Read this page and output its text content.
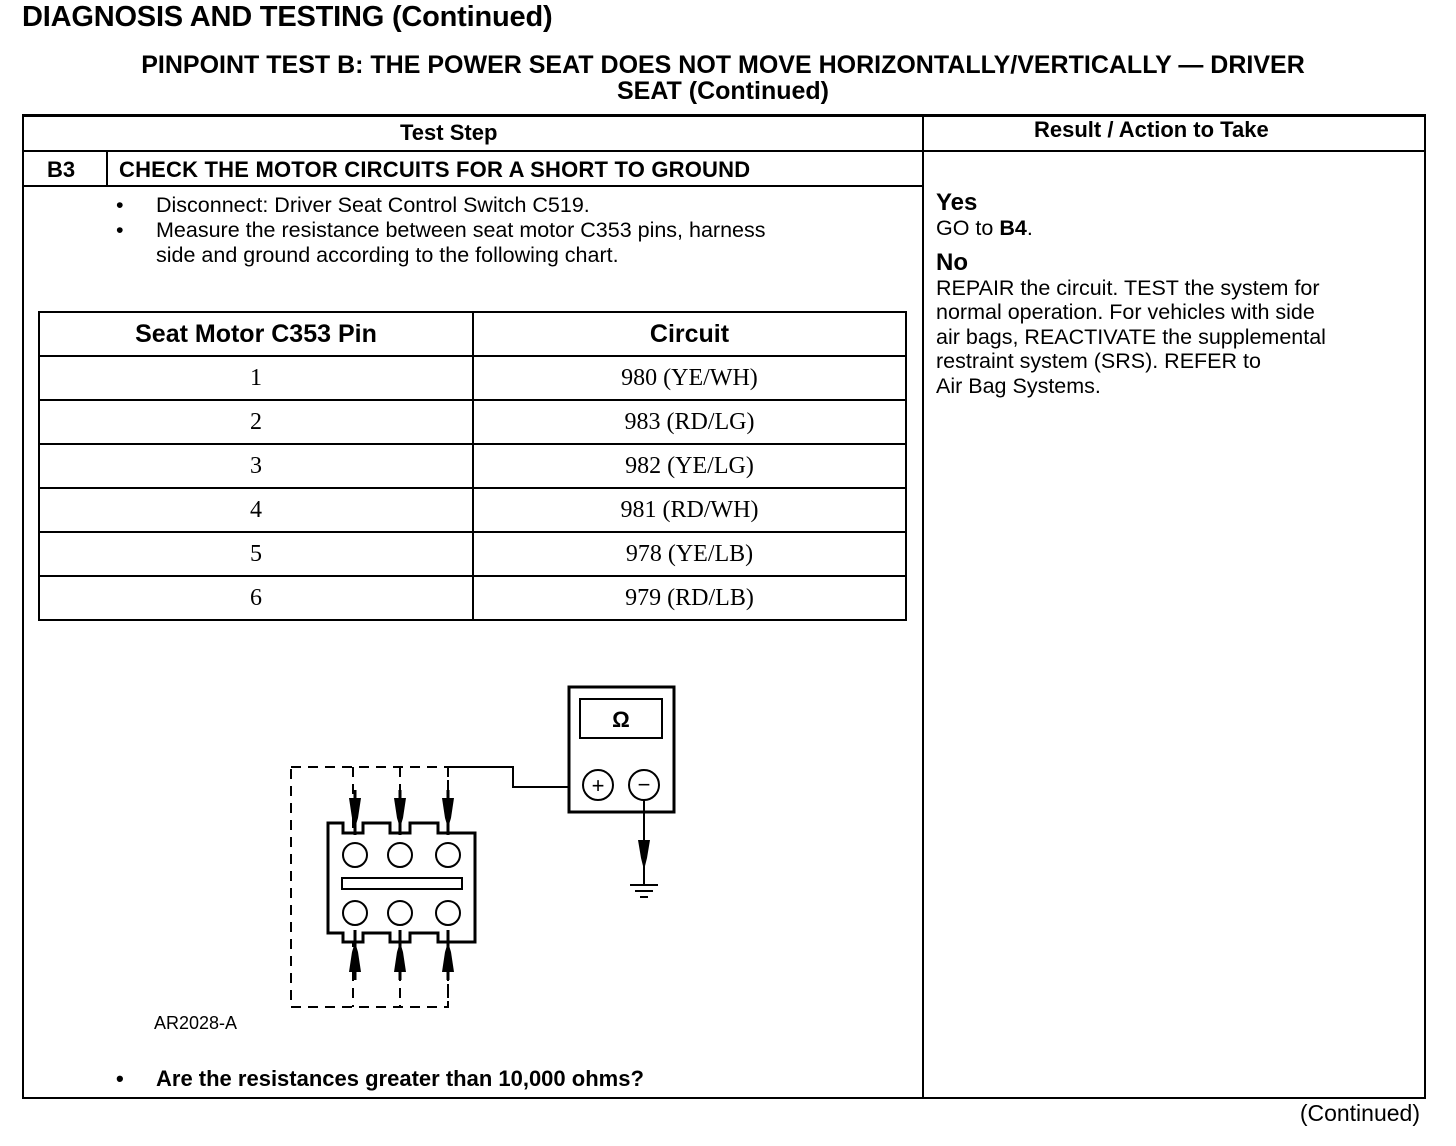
DIAGNOSIS AND TESTING (Continued)
PINPOINT TEST B: THE POWER SEAT DOES NOT MOVE HORIZONTALLY/VERTICALLY — DRIVER
SEAT (Continued)
Test Step	Result / Action to Take
B3 CHECK THE MOTOR CIRCUITS FOR A SHORT TO GROUND
• Disconnect: Driver Seat Control Switch C519.
• Measure the resistance between seat motor C353 pins, harness
side and ground according to the following chart.
Seat Motor C353 Pin	Circuit
1	980 (YE/WH)
2	983 (RD/LG)
3	982 (YE/LG)
4	981 (RD/WH)
5	978 (YE/LB)
6	979 (RD/LB)
Ω
+ −
AR2028-A
• Are the resistances greater than 10,000 ohms?
Yes
GO to B4.
No
REPAIR the circuit. TEST the system for
normal operation. For vehicles with side
air bags, REACTIVATE the supplemental
restraint system (SRS). REFER to
Air Bag Systems.
(Continued)
